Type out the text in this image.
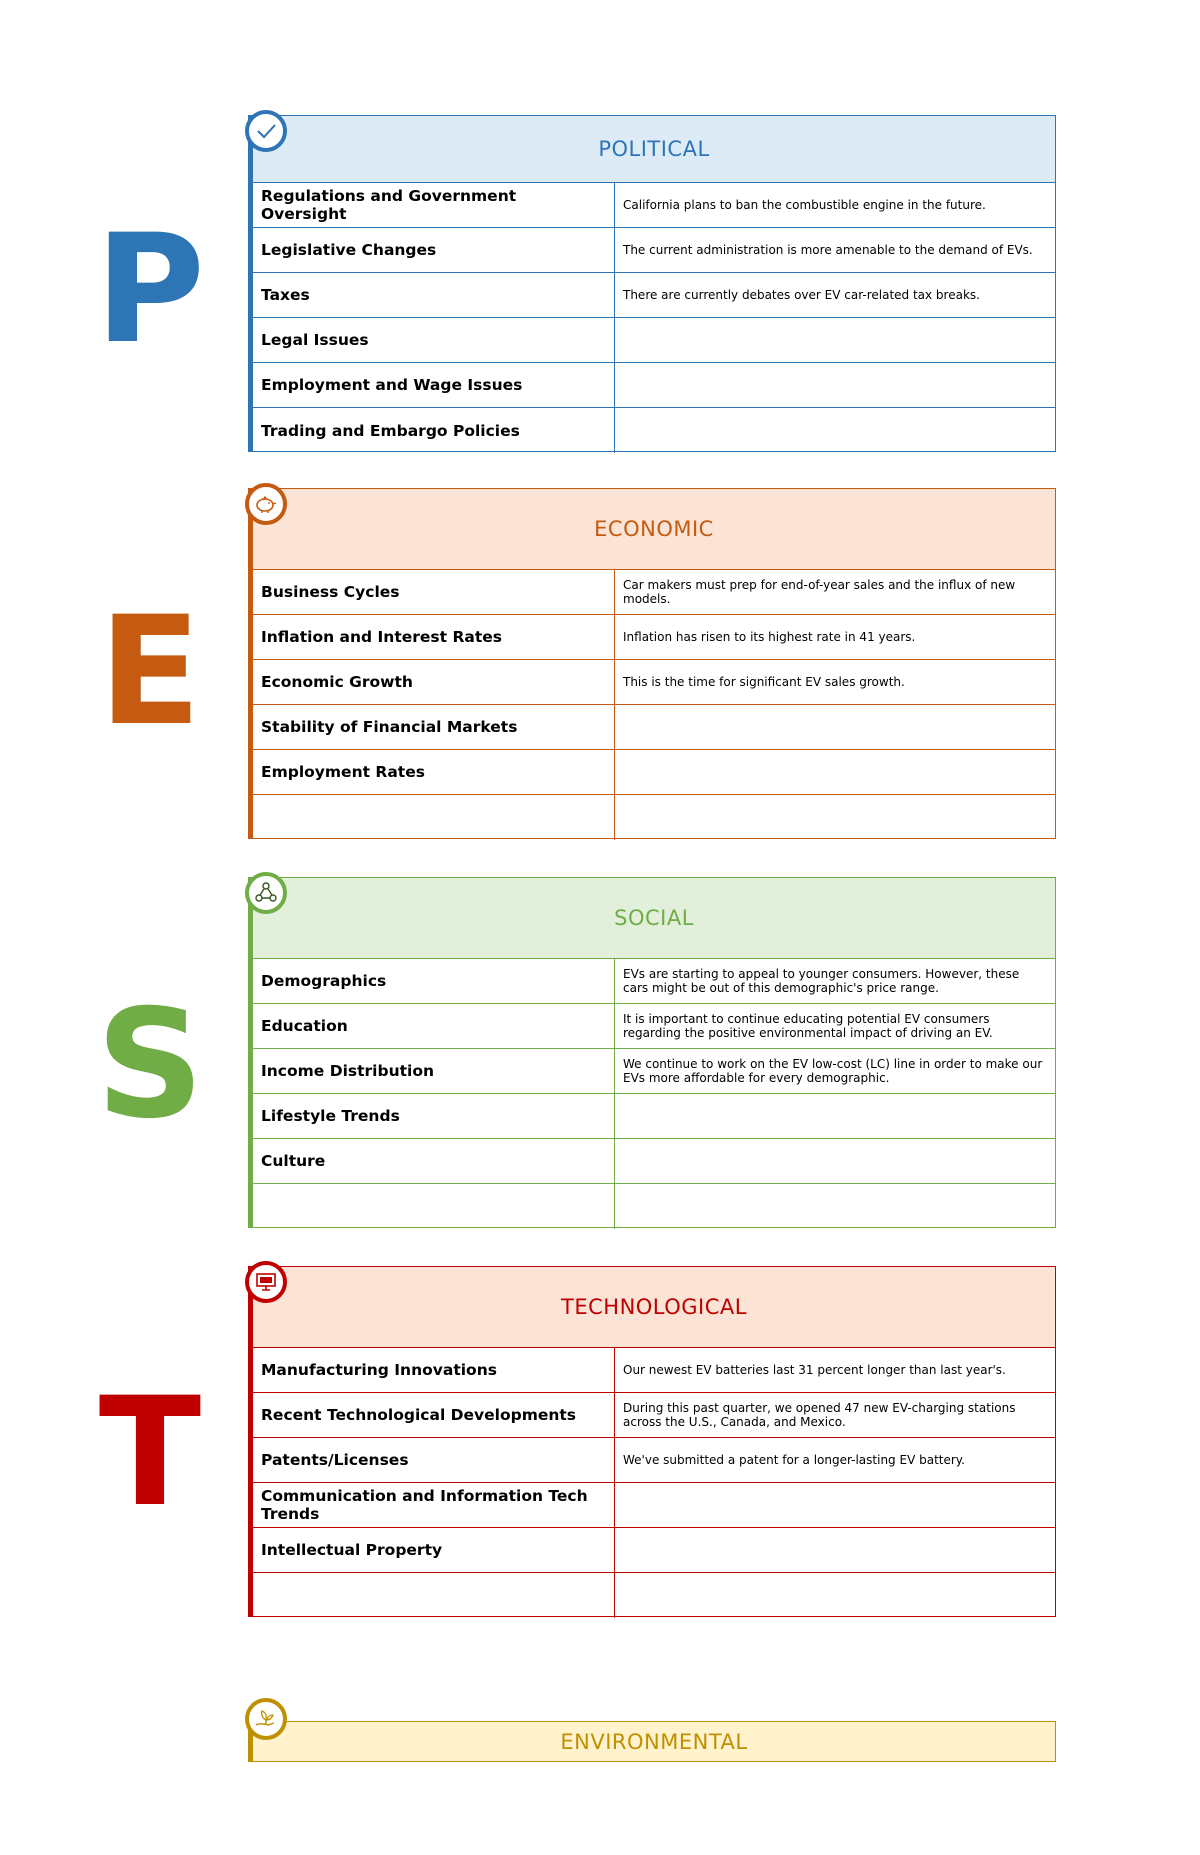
P
POLITICAL
Regulations and Government Oversight	California plans to ban the combustible engine in the future.
Legislative Changes	The current administration is more amenable to the demand of EVs.
Taxes	There are currently debates over EV car-related tax breaks.
Legal Issues
Employment and Wage Issues
Trading and Embargo Policies
E
ECONOMIC
Business Cycles	Car makers must prep for end-of-year sales and the influx of new models.
Inflation and Interest Rates	Inflation has risen to its highest rate in 41 years.
Economic Growth	This is the time for significant EV sales growth.
Stability of Financial Markets
Employment Rates
S
SOCIAL
Demographics	EVs are starting to appeal to younger consumers. However, these cars might be out of this demographic's price range.
Education	It is important to continue educating potential EV consumers regarding the positive environmental impact of driving an EV.
Income Distribution	We continue to work on the EV low-cost (LC) line in order to make our EVs more affordable for every demographic.
Lifestyle Trends
Culture
T
TECHNOLOGICAL
Manufacturing Innovations	Our newest EV batteries last 31 percent longer than last year's.
Recent Technological Developments	During this past quarter, we opened 47 new EV-charging stations across the U.S., Canada, and Mexico.
Patents/Licenses	We've submitted a patent for a longer-lasting EV battery.
Communication and Information Tech Trends
Intellectual Property
ENVIRONMENTAL
